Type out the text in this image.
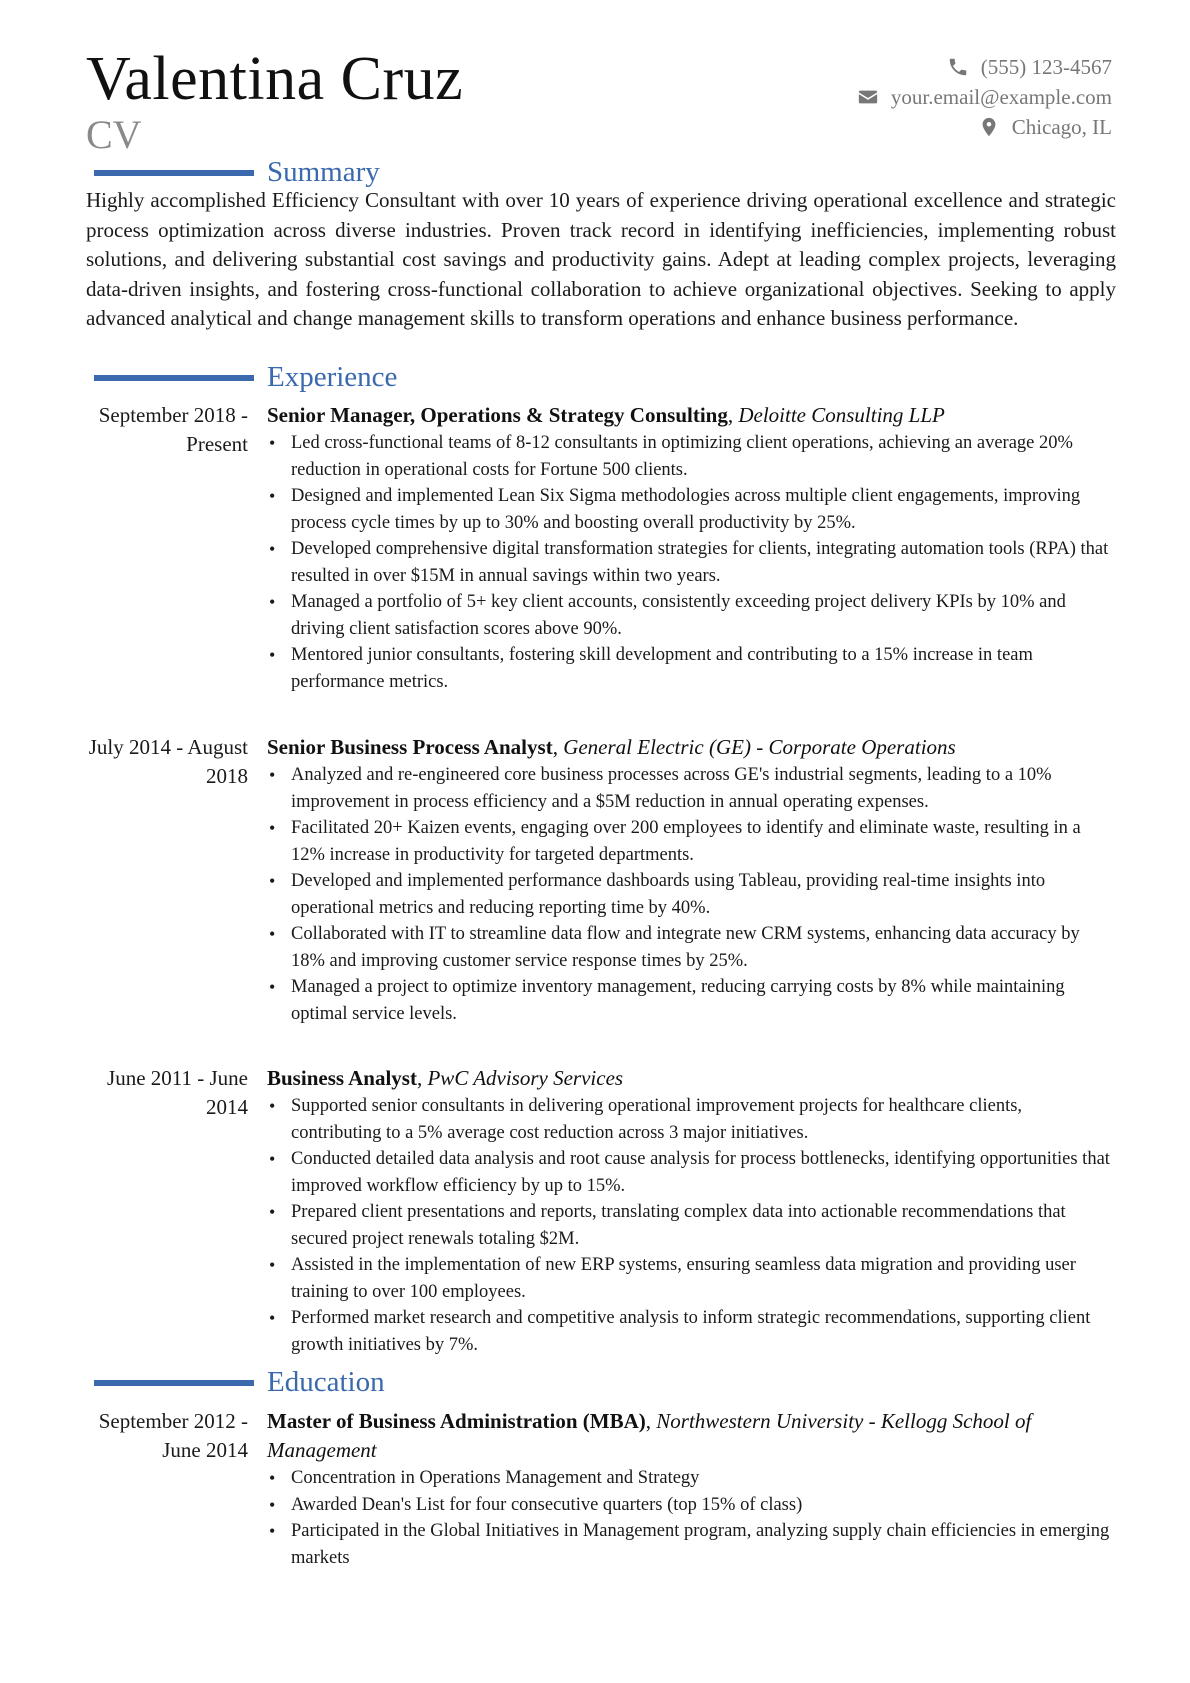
Valentina Cruz
CV
(555) 123-4567
your.email@example.com
Chicago, IL
Summary
Highly accomplished Efficiency Consultant with over 10 years of experience driving operational excellence and strategic process optimization across diverse industries. Proven track record in identifying inefficiencies, implementing robust solutions, and delivering substantial cost savings and productivity gains. Adept at leading complex projects, leveraging data-driven insights, and fostering cross-functional collaboration to achieve organizational objectives. Seeking to apply advanced analytical and change management skills to transform operations and enhance business performance.
Experience
September 2018 - Present
Senior Manager, Operations & Strategy Consulting, Deloitte Consulting LLP
• Led cross-functional teams of 8-12 consultants in optimizing client operations, achieving an average 20% reduction in operational costs for Fortune 500 clients.
• Designed and implemented Lean Six Sigma methodologies across multiple client engagements, improving process cycle times by up to 30% and boosting overall productivity by 25%.
• Developed comprehensive digital transformation strategies for clients, integrating automation tools (RPA) that resulted in over $15M in annual savings within two years.
• Managed a portfolio of 5+ key client accounts, consistently exceeding project delivery KPIs by 10% and driving client satisfaction scores above 90%.
• Mentored junior consultants, fostering skill development and contributing to a 15% increase in team performance metrics.
July 2014 - August 2018
Senior Business Process Analyst, General Electric (GE) - Corporate Operations
• Analyzed and re-engineered core business processes across GE's industrial segments, leading to a 10% improvement in process efficiency and a $5M reduction in annual operating expenses.
• Facilitated 20+ Kaizen events, engaging over 200 employees to identify and eliminate waste, resulting in a 12% increase in productivity for targeted departments.
• Developed and implemented performance dashboards using Tableau, providing real-time insights into operational metrics and reducing reporting time by 40%.
• Collaborated with IT to streamline data flow and integrate new CRM systems, enhancing data accuracy by 18% and improving customer service response times by 25%.
• Managed a project to optimize inventory management, reducing carrying costs by 8% while maintaining optimal service levels.
June 2011 - June 2014
Business Analyst, PwC Advisory Services
• Supported senior consultants in delivering operational improvement projects for healthcare clients, contributing to a 5% average cost reduction across 3 major initiatives.
• Conducted detailed data analysis and root cause analysis for process bottlenecks, identifying opportunities that improved workflow efficiency by up to 15%.
• Prepared client presentations and reports, translating complex data into actionable recommendations that secured project renewals totaling $2M.
• Assisted in the implementation of new ERP systems, ensuring seamless data migration and providing user training to over 100 employees.
• Performed market research and competitive analysis to inform strategic recommendations, supporting client growth initiatives by 7%.
Education
September 2012 - June 2014
Master of Business Administration (MBA), Northwestern University - Kellogg School of Management
• Concentration in Operations Management and Strategy
• Awarded Dean's List for four consecutive quarters (top 15% of class)
• Participated in the Global Initiatives in Management program, analyzing supply chain efficiencies in emerging markets
